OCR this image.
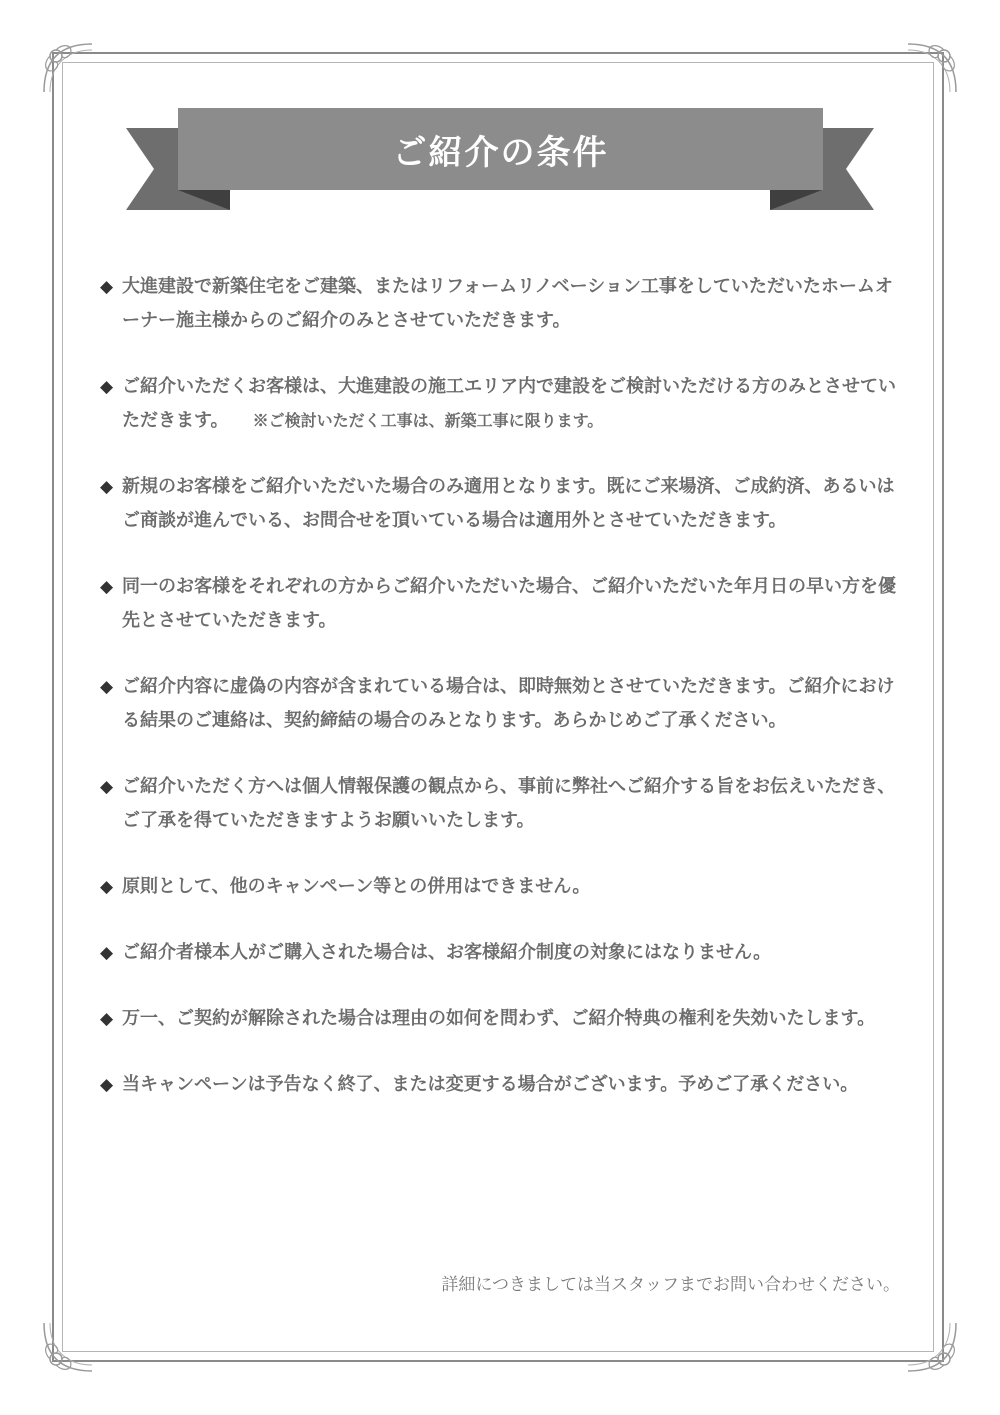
ご紹介の条件
◆ 大進建設で新築住宅をご建築、またはリフォームリノベーション工事をしていただいたホームオーナー施主様からのご紹介のみとさせていただきます。
◆ ご紹介いただくお客様は、大進建設の施工エリア内で建設をご検討いただける方のみとさせていただきます。 ※ご検討いただく工事は、新築工事に限ります。
◆ 新規のお客様をご紹介いただいた場合のみ適用となります。既にご来場済、ご成約済、あるいはご商談が進んでいる、お問合せを頂いている場合は適用外とさせていただきます。
◆ 同一のお客様をそれぞれの方からご紹介いただいた場合、ご紹介いただいた年月日の早い方を優先とさせていただきます。
◆ ご紹介内容に虚偽の内容が含まれている場合は、即時無効とさせていただきます。ご紹介における結果のご連絡は、契約締結の場合のみとなります。あらかじめご了承ください。
◆ ご紹介いただく方へは個人情報保護の観点から、事前に弊社へご紹介する旨をお伝えいただき、ご了承を得ていただきますようお願いいたします。
◆ 原則として、他のキャンペーン等との併用はできません。
◆ ご紹介者様本人がご購入された場合は、お客様紹介制度の対象にはなりません。
◆ 万一、ご契約が解除された場合は理由の如何を問わず、ご紹介特典の権利を失効いたします。
◆ 当キャンペーンは予告なく終了、または変更する場合がございます。予めご了承ください。
詳細につきましては当スタッフまでお問い合わせください。
